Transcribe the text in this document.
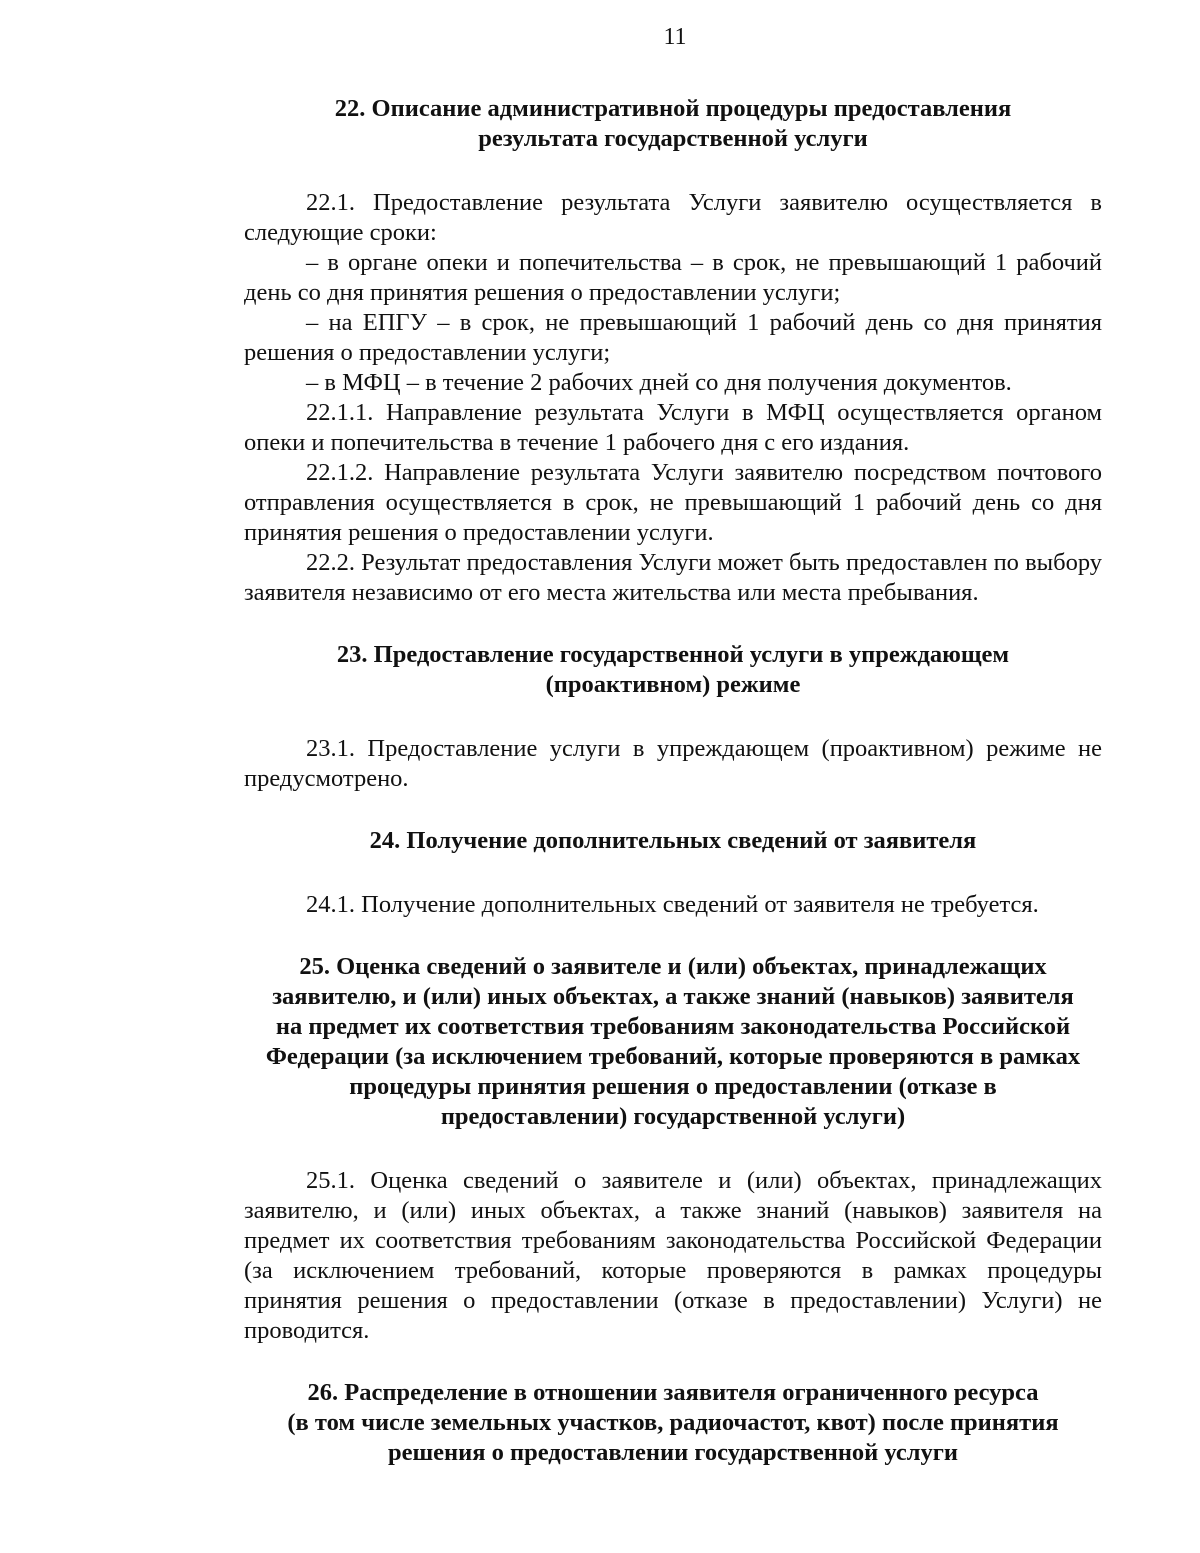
11
22. Описание административной процедуры предоставления
результата государственной услуги

22.1. Предоставление результата Услуги заявителю осуществляется в следующие сроки:

– в органе опеки и попечительства – в срок, не превышающий 1 рабочий день со дня принятия решения о предоставлении услуги;

– на ЕПГУ – в срок, не превышающий 1 рабочий день со дня принятия решения о предоставлении услуги;

– в МФЦ – в течение 2 рабочих дней со дня получения документов.

22.1.1. Направление результата Услуги в МФЦ осуществляется органом опеки и попечительства в течение 1 рабочего дня с его издания.

22.1.2. Направление результата Услуги заявителю посредством почтового отправления осуществляется в срок, не превышающий 1 рабочий день со дня принятия решения о предоставлении услуги.

22.2. Результат предоставления Услуги может быть предоставлен по выбору заявителя независимо от его места жительства или места пребывания.

23. Предоставление государственной услуги в упреждающем
(проактивном) режиме

23.1. Предоставление услуги в упреждающем (проактивном) режиме не предусмотрено.

24. Получение дополнительных сведений от заявителя

24.1. Получение дополнительных сведений от заявителя не требуется.

25. Оценка сведений о заявителе и (или) объектах, принадлежащих
заявителю, и (или) иных объектах, а также знаний (навыков) заявителя
на предмет их соответствия требованиям законодательства Российской
Федерации (за исключением требований, которые проверяются в рамках
процедуры принятия решения о предоставлении (отказе в
предоставлении) государственной услуги)

25.1. Оценка сведений о заявителе и (или) объектах, принадлежащих заявителю, и (или) иных объектах, а также знаний (навыков) заявителя на предмет их соответствия требованиям законодательства Российской Федерации (за исключением требований, которые проверяются в рамках процедуры принятия решения о предоставлении (отказе в предоставлении) Услуги) не проводится.

26. Распределение в отношении заявителя ограниченного ресурса
(в том числе земельных участков, радиочастот, квот) после принятия
решения о предоставлении государственной услуги
